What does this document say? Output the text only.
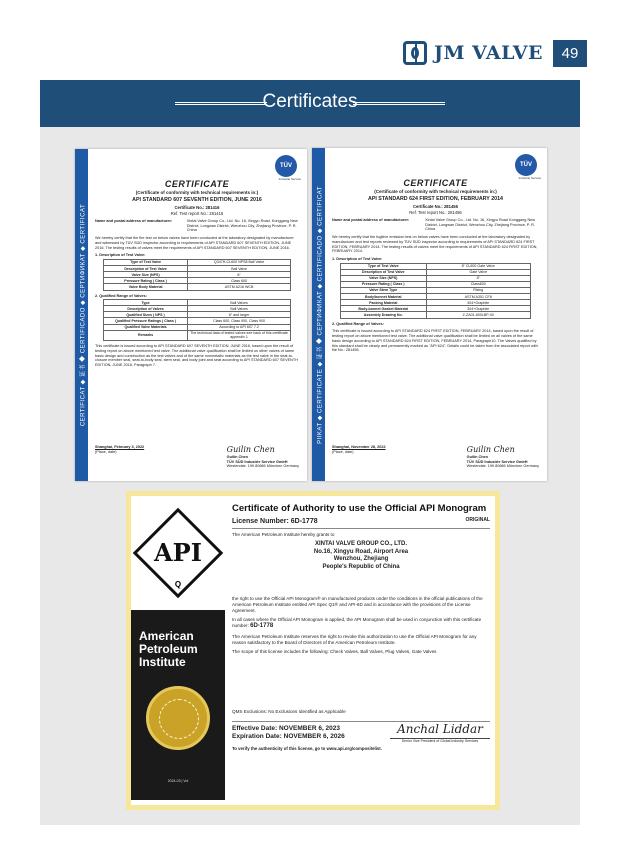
JM VALVE	49
Certificates
CERTIFICAT ◆ 证书 ◆ CERTIFICADO ◆ СЕРТИФИКАТ ◆ CERTIFICAT
TÜV
Industrie Service
CERTIFICATE
(Certificate of conformity with technical requirements in:)
API STANDARD 607 SEVENTH EDITION, JUNE 2016
Certificate No.: 281416
Ref. Test report No.: 281416
Name and postal address of manufacturer:	Xintai Valve Group Co., Ltd. No. 16, Xingyu Road, Konggang New District, Longwan District, Wenzhou City, Zhejiang Province, P. R. China
We hereby certify that the fire test on below valves have been conducted at the laboratory designated by manufacturer and witnessed by TÜV SÜD inspector according to requirements of API STANDARD 607 SEVENTH EDITION, JUNE 2016. The testing results of valves meet the requirements of API STANDARD 607 SEVENTH EDITION, JUNE 2016.
1. Description of Test Valve:
Type of Test Valve	Q347H-CL600 NPS8 Ball Valve
Description of Test Valve	Ball Valve
Valve Size (NPS)	8"
Pressure Rating ( Class )	Class 600
Valve Body Material	ASTM A216 WCB
2. Qualified Range of Valves:
Type	Ball Valves
Description of Valves	Ball Valves
Qualified Sizes ( NPS )	6" and larger
Qualified Pressure Ratings ( Class )	Class 600, Class 900, Class 900
Qualified Valve Materials	According to API 607 7.2
Remarks	The technical data of tested valves see back of this certificate appendix 1
This certificate is issued according to API STANDARD 607 SEVENTH EDITION, JUNE 2016, based upon the result of testing report on above mentioned test valve. The additional valve qualification shall be limited on other valves of same basic design and construction as the test valves and of the same nonmetallic materials as the test valve in the seat-to-closure member seal, seat-to-body seal, stem seal, and body joint and seat according to API STANDARD 607 SEVENTH EDITION, JUNE 2016, Paragraph 7.
Shanghai, February 3, 2022
(Place, date)	Guilin Chen
Guilin Chen
TÜV SÜD Industrie Service GmbH
Westendstr. 199 80686 München Germany
PIIKAT ◆ CERTIFICATE ◆ 证书 ◆ СЕРТИФИКАТ ◆ CERTIFICADO ◆ CERTIFICAT
TÜV
Industrie Service
CERTIFICATE
(Certificate of conformity with technical requirements in:)
API STANDARD 624 FIRST EDITION, FEBRUARY 2014
Certificate No.: 281456
Ref. Test report No.: 281456
Name and postal address of manufacturer:	Xintai Valve Group Co., Ltd. No. 16, Xingyu Road Konggang New District, Longwan District, Wenzhou City, Zhejiang Province, P. R. China
We hereby certify that the fugitive emission test on below valves have been conducted at the laboratory designated by manufacturer and test reports reviewed by TÜV SÜD inspector according to requirements of API STANDARD 624 FIRST EDITION, FEBRUARY 2014. The testing results of valves meet the requirements of API STANDARD 624 FIRST EDITION, FEBRUARY 2014.
1. Description of Test Valve:
Type of Test Valve	8" CL600 Gate Valve
Description of Test Valve	Gate Valve
Valve Size (NPS)	8"
Pressure Rating ( Class )	Class600
Valve Stem Type	Rising
Body/bonnet Material	ASTM A351 CF8
Packing Material	304+Graphite
Body-bonnet Gasket Material	304+Graphite
Assembly Drawing No.	Z-ZA01-600LBP-00
2. Qualified Range of Valves:
This certificate is issued according to API STANDARD 624 FIRST EDITION, FEBRUARY 2014, based upon the result of testing report on above mentioned test valve. The additional valve qualification shall be limited on all valves of the same basic design according to API STANDARD 624 FIRST EDITION, FEBRUARY 2014, Paragraph10. The Valves qualified by this standard shall be clearly and permanently marked as "API 624". Details could be taken from the associated report with file No.: 281456
Shanghai, November 28, 2022
(Place, date)	Guilin Chen
Guilin Chen
TÜV SÜD Industrie Service GmbH
Westendstr. 199 80686 München Germany
API
Q
American Petroleum Institute
2024-03 | Vol
Certificate of Authority to use the Official API Monogram
License Number: 6D-1778	ORIGINAL
The American Petroleum Institute hereby grants to
XINTAI VALVE GROUP CO., LTD.
No.16, Xingyu Road, Airport Area
Wenzhou, Zhejiang
People's Republic of China
the right to use the Official API Monogram® on manufactured products under the conditions in the official publications of the American Petroleum Institute entitled API Spec Q1® and API-6D and in accordance with the provisions of the License Agreement.
In all cases where the Official API Monogram is applied, the API Monogram shall be used in conjunction with this certificate number: 6D-1778
The American Petroleum Institute reserves the right to revoke this authorization to use the Official API Monogram for any reason satisfactory to the Board of Directors of the American Petroleum Institute.
The scope of this license includes the following: Check Valves, Ball Valves, Plug Valves, Gate Valves
QMS Exclusions: No Exclusions Identified as Applicable
Effective Date: NOVEMBER 6, 2023
Expiration Date: NOVEMBER 6, 2026
Anchal Liddar
Senior Vice President of Global Industry Services
To verify the authenticity of this license, go to www.api.org/compositelist.
